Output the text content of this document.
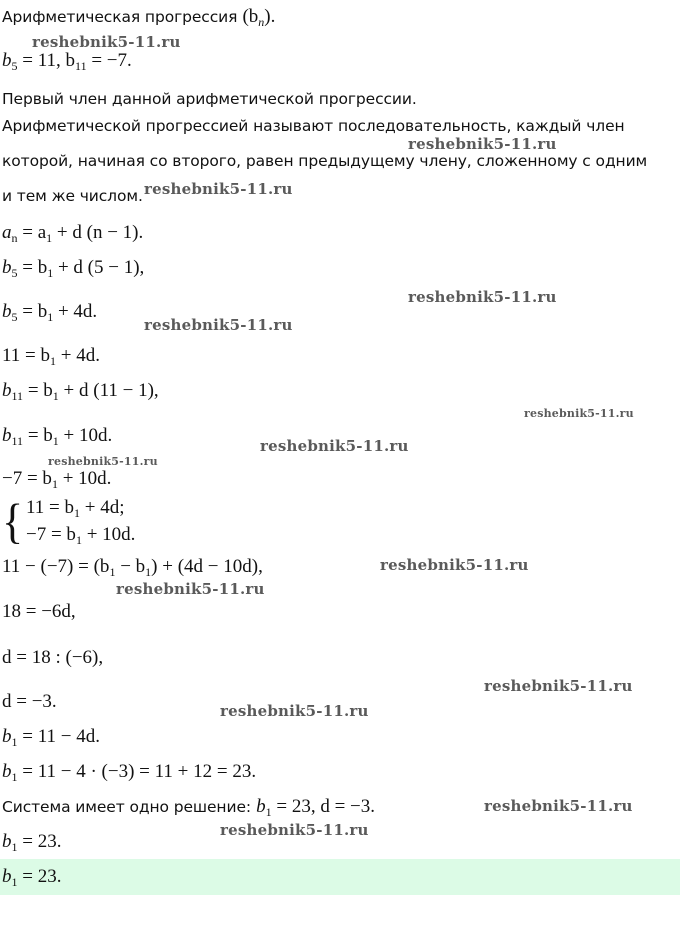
Арифметическая прогрессия $(b_n)$.
$b_5 = 11$, $b_{11} = -7$.
Первый член данной арифметической прогрессии.
Арифметической прогрессией называют последовательность, каждый член
которой, начиная со второго, равен предыдущему члену, сложенному с одним
и тем же числом.
$a_n = a_1 + d$ (n − 1).
$b_5 = b_1 + d$ (5 − 1),
$b_5 = b_1 + 4d$.
$11 = b_1 + 4d$.
$b_{11} = b_1 + d$ (11 − 1),
$b_{11} = b_1 + 10d$.
$-7 = b_1 + 10d$.
{ $11 = b_1 + 4d$;
$-7 = b_1 + 10d$.
$11 - (-7) = (b_1 - b_1) + (4d - 10d)$,
18 = −6d,
d = 18 : (−6),
d = −3.
$b_1 = 11 - 4d$.
$b_1 = 11 - 4 \cdot (-3) = 11 + 12 = 23$.
Система имеет одно решение: $b_1 = 23$, d = −3.
$b_1 = 23$.
$b_1 = 23$.
reshebnik5-11.ru
reshebnik5-11.ru
reshebnik5-11.ru
reshebnik5-11.ru
reshebnik5-11.ru
reshebnik5-11.ru
reshebnik5-11.ru
reshebnik5-11.ru
reshebnik5-11.ru
reshebnik5-11.ru
reshebnik5-11.ru
reshebnik5-11.ru
reshebnik5-11.ru
reshebnik5-11.ru
